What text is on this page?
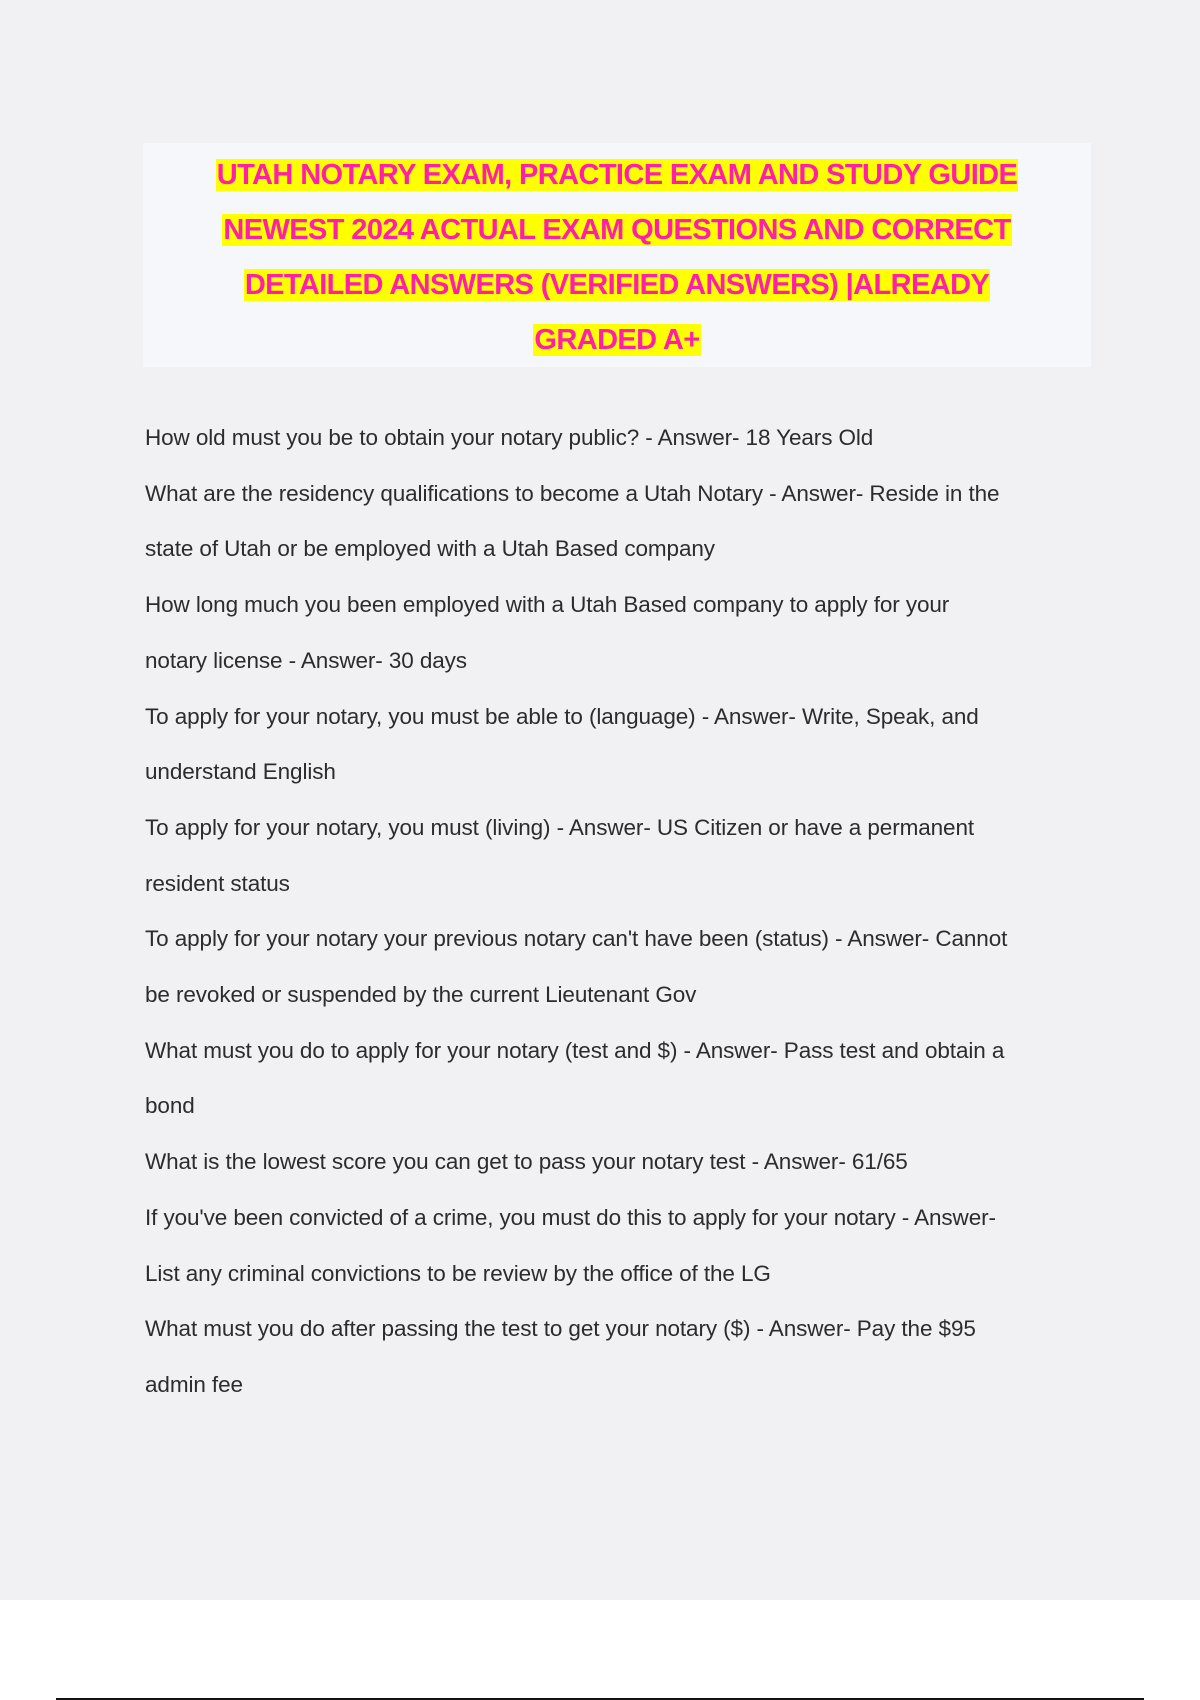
UTAH NOTARY EXAM, PRACTICE EXAM AND STUDY GUIDE
NEWEST 2024 ACTUAL EXAM QUESTIONS AND CORRECT
DETAILED ANSWERS (VERIFIED ANSWERS) |ALREADY
GRADED A+
How old must you be to obtain your notary public? - Answer- 18 Years Old
What are the residency qualifications to become a Utah Notary - Answer- Reside in the
state of Utah or be employed with a Utah Based company
How long much you been employed with a Utah Based company to apply for your
notary license - Answer- 30 days
To apply for your notary, you must be able to (language) - Answer- Write, Speak, and
understand English
To apply for your notary, you must (living) - Answer- US Citizen or have a permanent
resident status
To apply for your notary your previous notary can't have been (status) - Answer- Cannot
be revoked or suspended by the current Lieutenant Gov
What must you do to apply for your notary (test and $) - Answer- Pass test and obtain a
bond
What is the lowest score you can get to pass your notary test - Answer- 61/65
If you've been convicted of a crime, you must do this to apply for your notary - Answer-
List any criminal convictions to be review by the office of the LG
What must you do after passing the test to get your notary ($) - Answer- Pay the $95
admin fee
